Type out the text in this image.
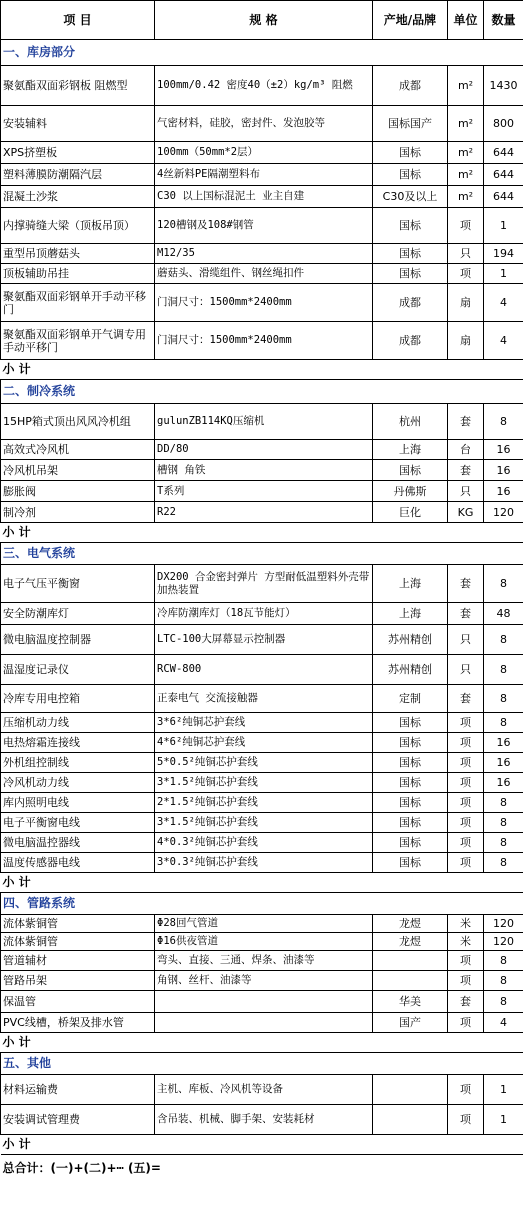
项 目	规 格	产地/品牌	单位	数量
一、库房部分				
聚氨酯双面彩钢板 阻燃型	100mm/0.42 密度40（±2）kg/m³ 阻燃	成都	m²	1430
安装辅料	气密材料，硅胶，密封件、发泡胶等	国标国产	m²	800
XPS挤塑板	100mm（50mm*2层）	国标	m²	644
塑料薄膜防潮隔汽层	4丝新料PE隔潮塑料布	国标	m²	644
混凝土沙浆	C30 以上国标混泥土 业主自建	C30及以上	m²	644
内撑骑缝大梁（顶板吊顶）	120槽钢及108#钢管	国标	项	1
重型吊顶蘑菇头	M12/35	国标	只	194
顶板辅助吊挂	蘑菇头、滑缆组件、钢丝绳扣件	国标	项	1
聚氨酯双面彩钢单开手动平移门	门洞尺寸：1500mm*2400mm	成都	扇	4
聚氨酯双面彩钢单开气调专用手动平移门	门洞尺寸：1500mm*2400mm	成都	扇	4
小 计				
二、制冷系统				
15HP箱式顶出风风冷机组	gulunZB114KQ压缩机	杭州	套	8
高效式冷风机	DD/80	上海	台	16
冷风机吊架	槽钢 角铁	国标	套	16
膨胀阀	T系列	丹佛斯	只	16
制冷剂	R22	巨化	KG	120
小 计				
三、电气系统				
电子气压平衡窗	DX200 合金密封弹片 方型耐低温塑料外壳带加热装置	上海	套	8
安全防潮库灯	冷库防潮库灯（18瓦节能灯）	上海	套	48
微电脑温度控制器	LTC-100大屏幕显示控制器	苏州精创	只	8
温湿度记录仪	RCW-800	苏州精创	只	8
冷库专用电控箱	正泰电气 交流接触器	定制	套	8
压缩机动力线	3*6²纯铜芯护套线	国标	项	8
电热熔霜连接线	4*6²纯铜芯护套线	国标	项	16
外机组控制线	5*0.5²纯铜芯护套线	国标	项	16
冷风机动力线	3*1.5²纯铜芯护套线	国标	项	16
库内照明电线	2*1.5²纯铜芯护套线	国标	项	8
电子平衡窗电线	3*1.5²纯铜芯护套线	国标	项	8
微电脑温控器线	4*0.3²纯铜芯护套线	国标	项	8
温度传感器电线	3*0.3²纯铜芯护套线	国标	项	8
小 计				
四、管路系统				
流体紫铜管	Φ28回气管道	龙煜	米	120
流体紫铜管	Φ16供夜管道	龙煜	米	120
管道辅材	弯头、直接、三通、焊条、油漆等		项	8
管路吊架	角钢、丝杆、油漆等		项	8
保温管		华美	套	8
PVC线槽，桥架及排水管		国产	项	4
小 计				
五、其他				
材料运输费	主机、库板、冷风机等设备		项	1
安装调试管理费	含吊装、机械、脚手架、安装耗材		项	1
小 计				
总合计：(一)+(二)+┅ (五)=				
